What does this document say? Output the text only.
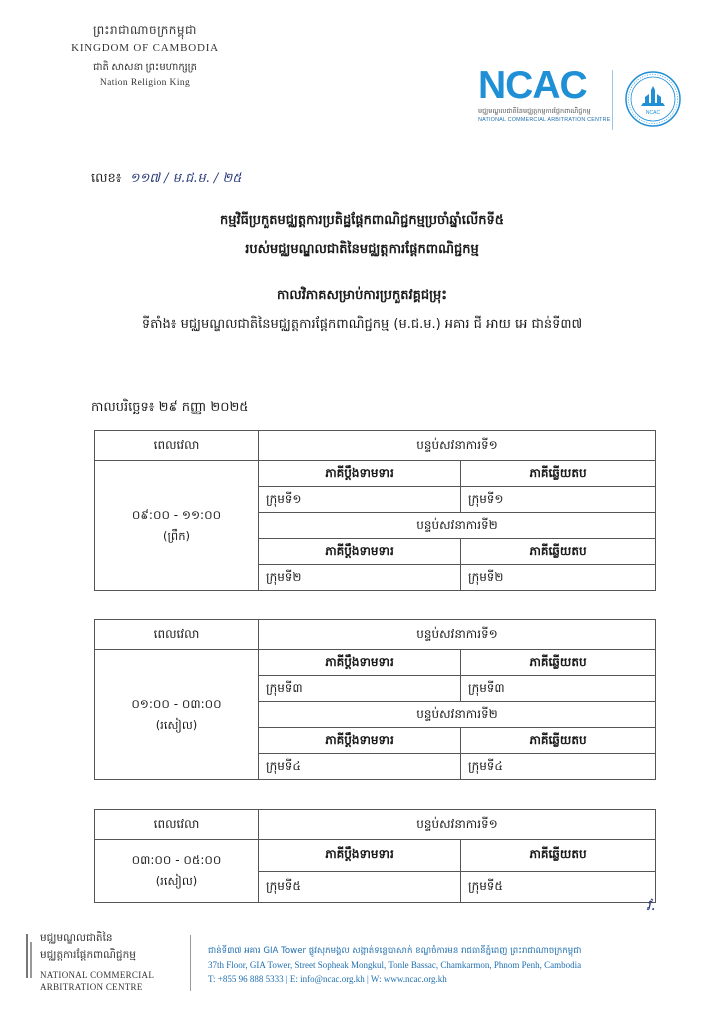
ព្រះរាជាណាចក្រកម្ពុជា
KINGDOM OF CAMBODIA
ជាតិ សាសនា ព្រះមហាក្សត្រ
Nation Religion King	NCAC
មជ្ឈមណ្ឌលជាតិនៃមជ្ឈត្តកម្មការផ្តែកពាណិជ្ជកម្ម
NATIONAL COMMERCIAL ARBITRATION CENTRE
NCAC
លេខ៖ ១១៧ / ម.ជ.ម. / ២៥
កម្មវិធីប្រកួតមជ្ឈត្តការប្រតិដ្ឋផ្តែកពាណិជ្ជកម្មប្រចាំឆ្នាំលើកទី៥
របស់មជ្ឈមណ្ឌលជាតិនៃមជ្ឈត្តការផ្តែកពាណិជ្ជកម្ម
កាលវិភាគសម្រាប់ការប្រកួតវគ្គជម្រុះ
ទីតាំង៖ មជ្ឈមណ្ឌលជាតិនៃមជ្ឈត្តការផ្តែកពាណិជ្ជកម្ម (ម.ជ.ម.) អគារ ជី អាយ អេ ជាន់ទី៣៧
កាលបរិច្ឆេទ៖ ២៩ កញ្ញា ២០២៥
ពេលវេលា	បន្ទប់សវនាការទី១	

០៩:០០ - ១១:០០
(ព្រឹក)	ភាគីប្តឹងទាមទារ	ភាគីឆ្លើយតប
	ក្រុមទី១	ក្រុមទី១
	បន្ទប់សវនាការទី២	
	ភាគីប្តឹងទាមទារ	ភាគីឆ្លើយតប
	ក្រុមទី២	ក្រុមទី២
ពេលវេលា	បន្ទប់សវនាការទី១	

០១:០០ - ០៣:០០
(រសៀល)	ភាគីប្តឹងទាមទារ	ភាគីឆ្លើយតប
	ក្រុមទី៣	ក្រុមទី៣
	បន្ទប់សវនាការទី២	
	ភាគីប្តឹងទាមទារ	ភាគីឆ្លើយតប
	ក្រុមទី៤	ក្រុមទី៤
ពេលវេលា	បន្ទប់សវនាការទី១	

០៣:០០ - ០៥:០០
(រសៀល)	ភាគីប្តឹងទាមទារ	ភាគីឆ្លើយតប
	ក្រុមទី៥	ក្រុមទី៥
វ.
មជ្ឈមណ្ឌលជាតិនៃ
មជ្ឈត្តការផ្តែកពាណិជ្ជកម្ម
NATIONAL COMMERCIAL
ARBITRATION CENTRE
ជាន់ទី៣៧ អគារ GIA Tower ផ្លូវសុភមង្គល សង្កាត់ទន្លេបាសាក់ ខណ្ឌចំការមន រាជធានីភ្នំពេញ ព្រះរាជាណាចក្រកម្ពុជា
37th Floor, GIA Tower, Street Sopheak Mongkul, Tonle Bassac, Chamkarmon, Phnom Penh, Cambodia
T: +855 96 888 5333 | E: info@ncac.org.kh | W: www.ncac.org.kh
